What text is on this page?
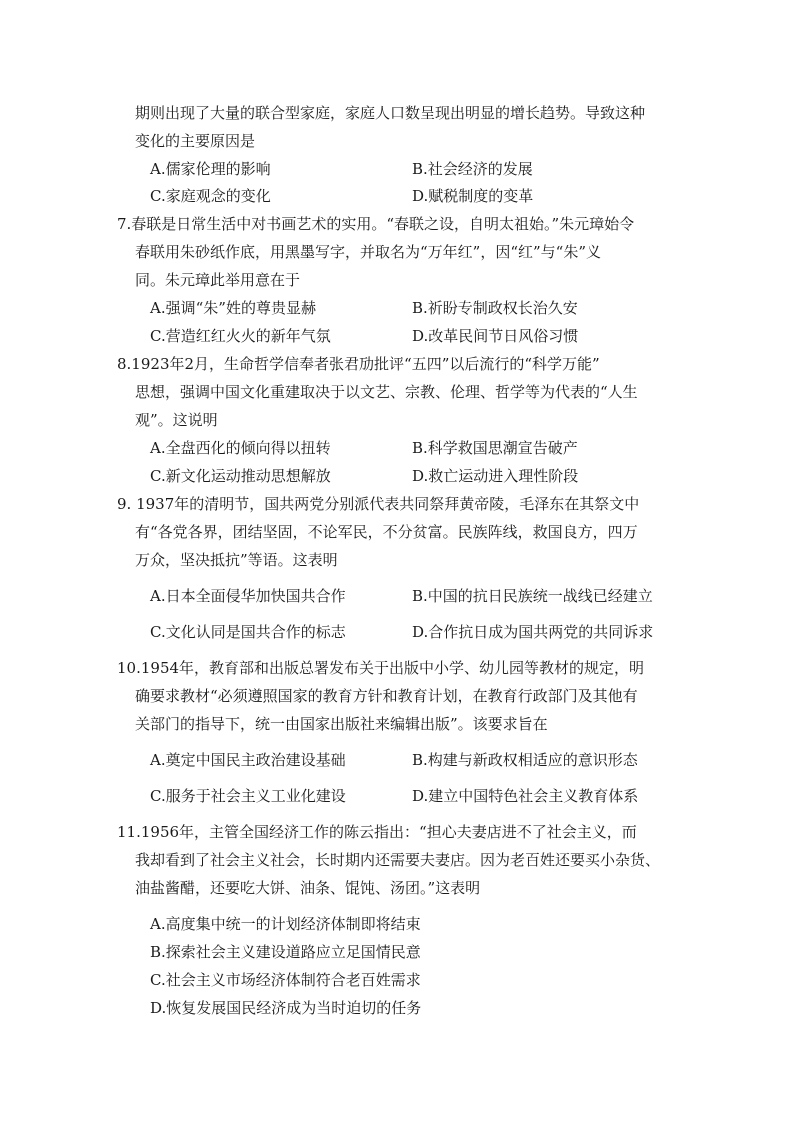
期则出现了大量的联合型家庭，家庭人口数呈现出明显的增长趋势。导致这种
变化的主要原因是
A.儒家伦理的影响	B.社会经济的发展
C.家庭观念的变化	D.赋税制度的变革
7.春联是日常生活中对书画艺术的实用。“春联之设，自明太祖始。”朱元璋始令
春联用朱砂纸作底，用黑墨写字，并取名为“万年红”，因“红”与“朱”义
同。朱元璋此举用意在于
A.强调“朱”姓的尊贵显赫	B.祈盼专制政权长治久安
C.营造红红火火的新年气氛	D.改革民间节日风俗习惯
8.1923年2月，生命哲学信奉者张君劢批评“五四”以后流行的“科学万能”
思想，强调中国文化重建取决于以文艺、宗教、伦理、哲学等为代表的“人生
观”。这说明
A.全盘西化的倾向得以扭转	B.科学救国思潮宣告破产
C.新文化运动推动思想解放	D.救亡运动进入理性阶段
9. 1937年的清明节，国共两党分别派代表共同祭拜黄帝陵，毛泽东在其祭文中
有“各党各界，团结坚固，不论军民，不分贫富。民族阵线，救国良方，四万
万众，坚决抵抗”等语。这表明
A.日本全面侵华加快国共合作	B.中国的抗日民族统一战线已经建立
C.文化认同是国共合作的标志	D.合作抗日成为国共两党的共同诉求
10.1954年，教育部和出版总署发布关于出版中小学、幼儿园等教材的规定，明
确要求教材“必须遵照国家的教育方针和教育计划，在教育行政部门及其他有
关部门的指导下，统一由国家出版社来编辑出版”。该要求旨在
A.奠定中国民主政治建设基础	B.构建与新政权相适应的意识形态
C.服务于社会主义工业化建设	D.建立中国特色社会主义教育体系
11.1956年，主管全国经济工作的陈云指出：“担心夫妻店进不了社会主义，而
我却看到了社会主义社会，长时期内还需要夫妻店。因为老百姓还要买小杂货、
油盐酱醋，还要吃大饼、油条、馄饨、汤团。”这表明
A.高度集中统一的计划经济体制即将结束
B.探索社会主义建设道路应立足国情民意
C.社会主义市场经济体制符合老百姓需求
D.恢复发展国民经济成为当时迫切的任务
